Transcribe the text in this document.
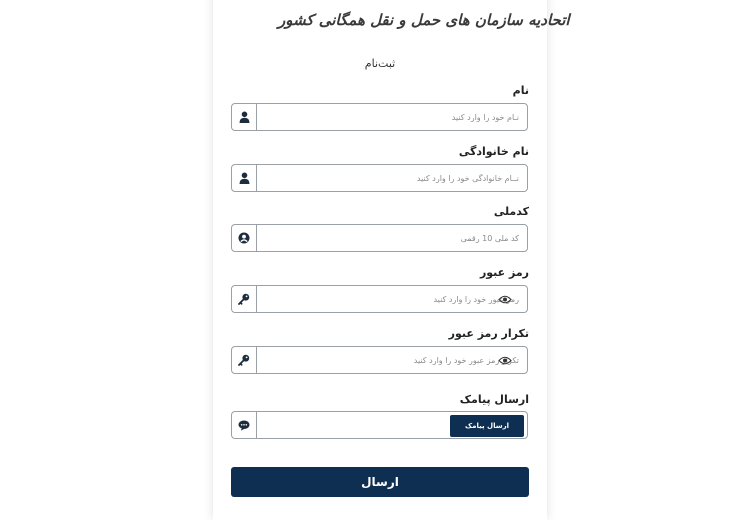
اتحادیه سازمان های حمل و نقل همگانی کشور
ثبت‌نام
نام
نـام خود را وارد کنید
نام خانوادگی
نــام خانوادگی خود را وارد کنید
کدملی
کد ملی 10 رقمی
رمز عبور
تکرار رمز عبور
ارسال پیامک
ارسال پیامک
ارسال
